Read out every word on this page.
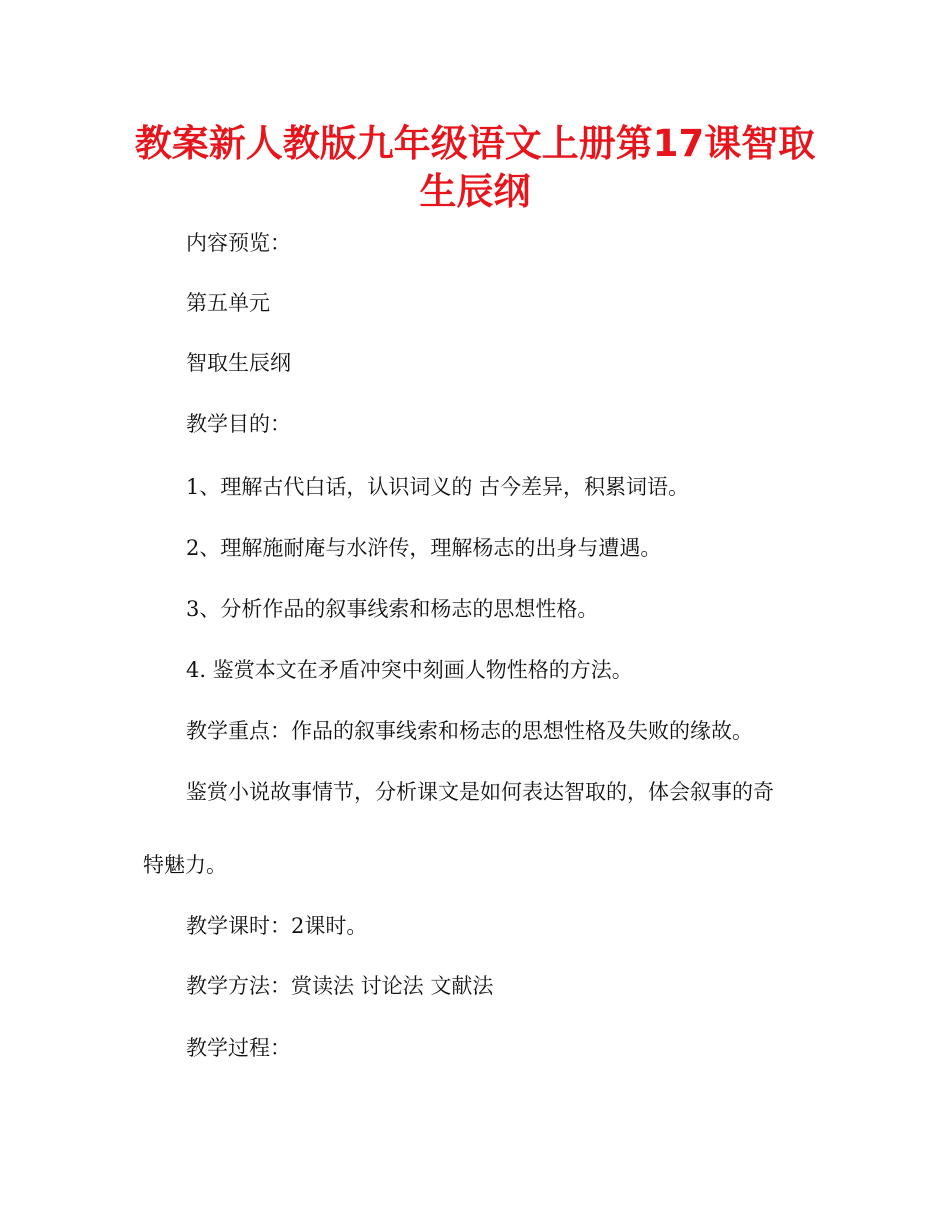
教案新人教版九年级语文上册第17课智取
生辰纲

内容预览：

第五单元

智取生辰纲

教学目的：

1、理解古代白话，认识词义的 古今差异，积累词语。

2、理解施耐庵与水浒传，理解杨志的出身与遭遇。

3、分析作品的叙事线索和杨志的思想性格。

4. 鉴赏本文在矛盾冲突中刻画人物性格的方法。

教学重点：作品的叙事线索和杨志的思想性格及失败的缘故。

鉴赏小说故事情节，分析课文是如何表达智取的，体会叙事的奇

特魅力。

教学课时：2课时。

教学方法：赏读法 讨论法 文献法

教学过程：
